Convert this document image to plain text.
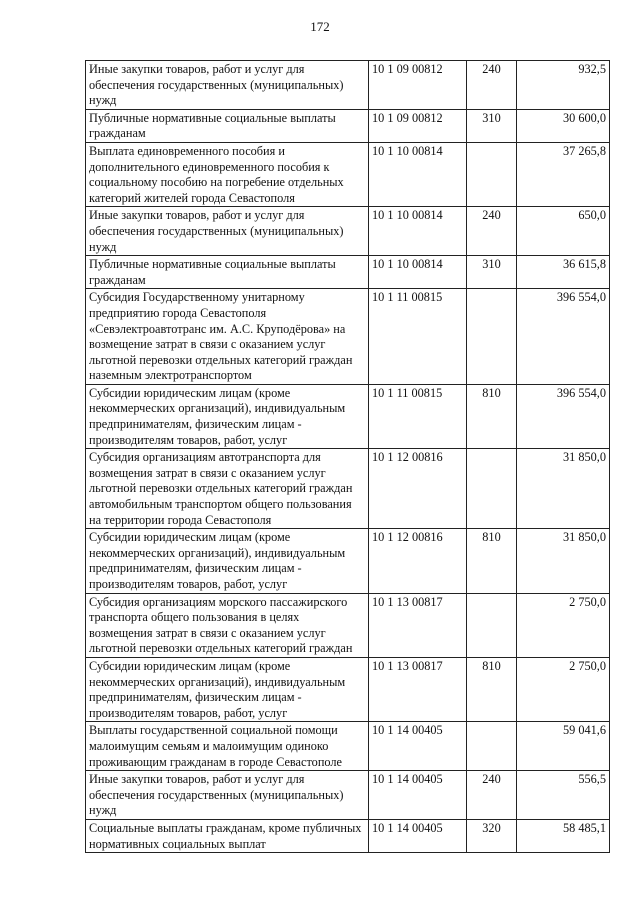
172
Иные закупки товаров, работ и услуг для обеспечения государственных (муниципальных) нужд	10 1 09 00812	240	932,5
Публичные нормативные социальные выплаты гражданам	10 1 09 00812	310	30 600,0
Выплата единовременного пособия и дополнительного единовременного пособия к социальному пособию на погребение отдельных категорий жителей города Севастополя	10 1 10 00814		37 265,8
Иные закупки товаров, работ и услуг для обеспечения государственных (муниципальных) нужд	10 1 10 00814	240	650,0
Публичные нормативные социальные выплаты гражданам	10 1 10 00814	310	36 615,8
Субсидия Государственному унитарному предприятию города Севастополя «Севэлектроавтотранс им. А.С. Круподёрова» на возмещение затрат в связи с оказанием услуг льготной перевозки отдельных категорий граждан наземным электротранспортом	10 1 11 00815		396 554,0
Субсидии юридическим лицам (кроме некоммерческих организаций), индивидуальным предпринимателям, физическим лицам - производителям товаров, работ, услуг	10 1 11 00815	810	396 554,0
Субсидия организациям автотранспорта для возмещения затрат в связи с оказанием услуг льготной перевозки отдельных категорий граждан автомобильным транспортом общего пользования на территории города Севастополя	10 1 12 00816		31 850,0
Субсидии юридическим лицам (кроме некоммерческих организаций), индивидуальным предпринимателям, физическим лицам - производителям товаров, работ, услуг	10 1 12 00816	810	31 850,0
Субсидия организациям морского пассажирского транспорта общего пользования в целях возмещения затрат в связи с оказанием услуг льготной перевозки отдельных категорий граждан	10 1 13 00817		2 750,0
Субсидии юридическим лицам (кроме некоммерческих организаций), индивидуальным предпринимателям, физическим лицам - производителям товаров, работ, услуг	10 1 13 00817	810	2 750,0
Выплаты государственной социальной помощи малоимущим семьям и малоимущим одиноко проживающим гражданам в городе Севастополе	10 1 14 00405		59 041,6
Иные закупки товаров, работ и услуг для обеспечения государственных (муниципальных) нужд	10 1 14 00405	240	556,5
Социальные выплаты гражданам, кроме публичных нормативных социальных выплат	10 1 14 00405	320	58 485,1
